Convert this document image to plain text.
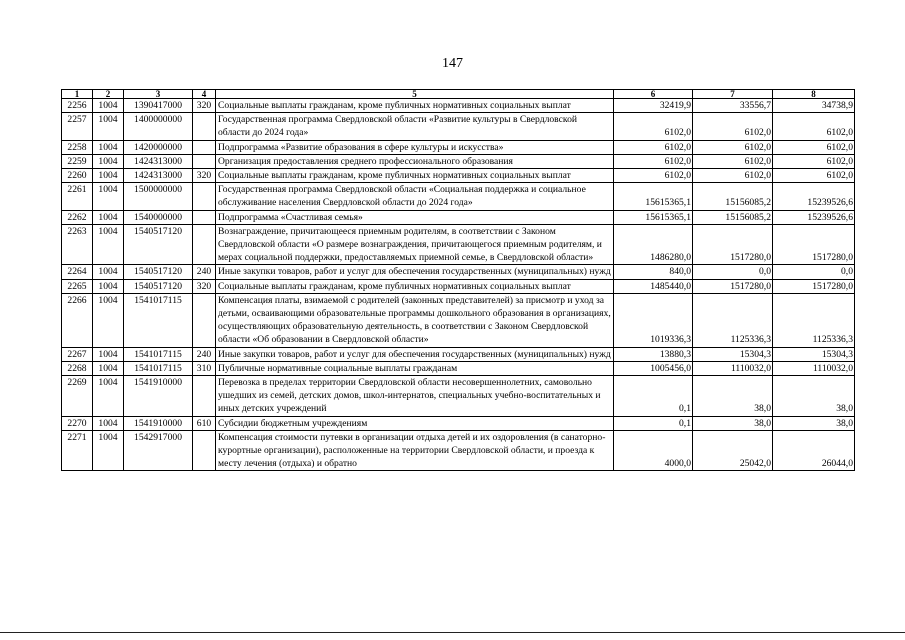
147
1	2	3	4	5	6	7	8
2256	1004	1390417000	320	Социальные выплаты гражданам, кроме публичных нормативных социальных выплат	32419,9	33556,7	34738,9
2257	1004	1400000000		Государственная программа Свердловской области «Развитие культуры в Свердловской области до 2024 года»	6102,0	6102,0	6102,0
2258	1004	1420000000		Подпрограмма «Развитие образования в сфере культуры и искусства»	6102,0	6102,0	6102,0
2259	1004	1424313000		Организация предоставления среднего профессионального образования	6102,0	6102,0	6102,0
2260	1004	1424313000	320	Социальные выплаты гражданам, кроме публичных нормативных социальных выплат	6102,0	6102,0	6102,0
2261	1004	1500000000		Государственная программа Свердловской области «Социальная поддержка и социальное обслуживание населения Свердловской области до 2024 года»	15615365,1	15156085,2	15239526,6
2262	1004	1540000000		Подпрограмма «Счастливая семья»	15615365,1	15156085,2	15239526,6
2263	1004	1540517120		Вознаграждение, причитающееся приемным родителям, в соответствии с Законом Свердловской области «О размере вознаграждения, причитающегося приемным родителям, и мерах социальной поддержки, предоставляемых приемной семье, в Свердловской области»	1486280,0	1517280,0	1517280,0
2264	1004	1540517120	240	Иные закупки товаров, работ и услуг для обеспечения государственных (муниципальных) нужд	840,0	0,0	0,0
2265	1004	1540517120	320	Социальные выплаты гражданам, кроме публичных нормативных социальных выплат	1485440,0	1517280,0	1517280,0
2266	1004	1541017115		Компенсация платы, взимаемой с родителей (законных представителей) за присмотр и уход за детьми, осваивающими образовательные программы дошкольного образования в организациях, осуществляющих образовательную деятельность, в соответствии с Законом Свердловской области «Об образовании в Свердловской области»	1019336,3	1125336,3	1125336,3
2267	1004	1541017115	240	Иные закупки товаров, работ и услуг для обеспечения государственных (муниципальных) нужд	13880,3	15304,3	15304,3
2268	1004	1541017115	310	Публичные нормативные социальные выплаты гражданам	1005456,0	1110032,0	1110032,0
2269	1004	1541910000		Перевозка в пределах территории Свердловской области несовершеннолетних, самовольно ушедших из семей, детских домов, школ-интернатов, специальных учебно-воспитательных и иных детских учреждений	0,1	38,0	38,0
2270	1004	1541910000	610	Субсидии бюджетным учреждениям	0,1	38,0	38,0
2271	1004	1542917000		Компенсация стоимости путевки в организации отдыха детей и их оздоровления (в санаторно-курортные организации), расположенные на территории Свердловской области, и проезда к месту лечения (отдыха) и обратно	4000,0	25042,0	26044,0
